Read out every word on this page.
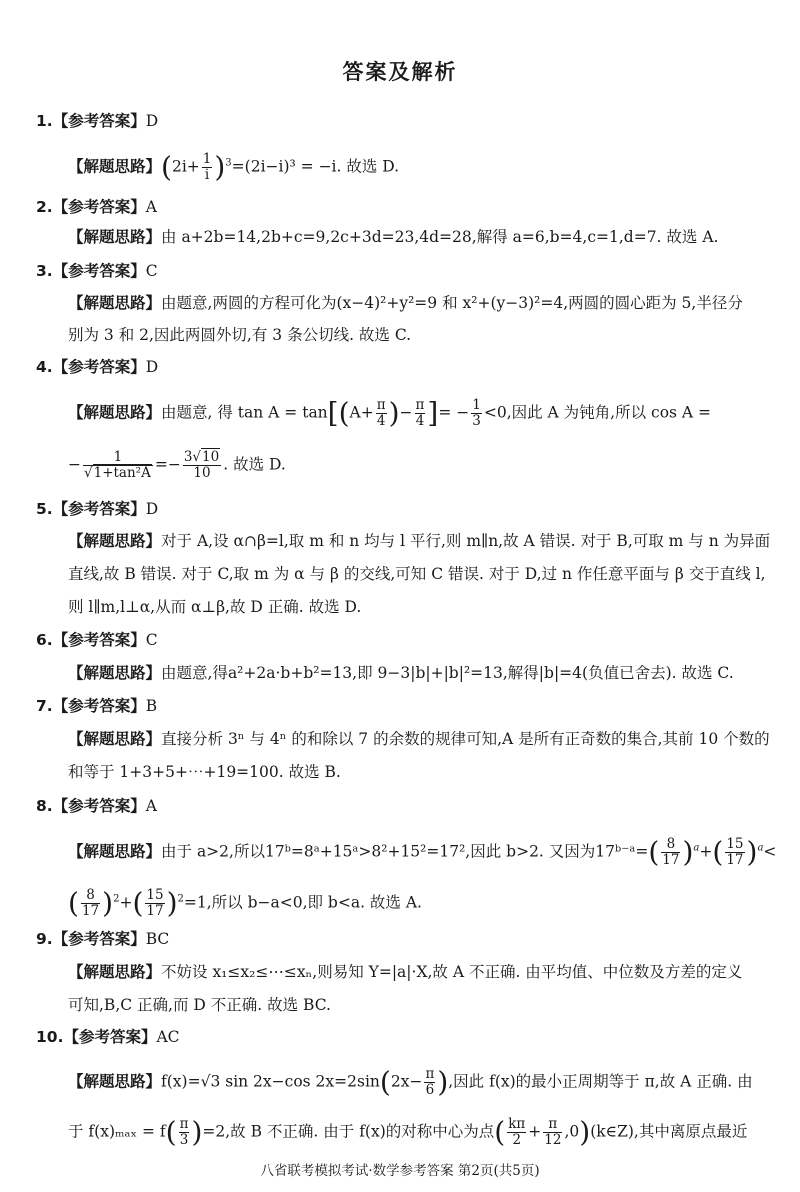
答案及解析
1.【参考答案】D
【解题思路】$(2i+ \frac{1}{i} )^3=(2i-i)^3 = -i$. 故选 D.
2.【参考答案】A
【解题思路】由 a+2b=14,2b+c=9,2c+3d=23,4d=28,解得 a=6,b=4,c=1,d=7. 故选 A.
3.【参考答案】C
【解题思路】由题意,两圆的方程可化为(x−4)²+y²=9 和 x²+(y−3)²=4,两圆的圆心距为 5,半径分
别为 3 和 2,因此两圆外切,有 3 条公切线. 故选 C.
4.【参考答案】D
【解题思路】由题意, 得 $\tan A = \tan[(A+ \frac{\pi}{4}$ )− $\frac{\pi}{4}$ ]= − $\frac{1}{3} <0$,因此 A 为钝角,所以 cos A =
− $\frac{1}{\text{√1+tan²A}} =- \frac{3√10}{10}$ . 故选 D.
5.【参考答案】D
【解题思路】对于 A,设 α∩β=l,取 m 和 n 均与 l 平行,则 m∥n,故 A 错误. 对于 B,可取 m 与 n 为异面
直线,故 B 错误. 对于 C,取 m 为 α 与 β 的交线,可知 C 错误. 对于 D,过 n 作任意平面与 β 交于直线 l,
则 l∥m,l⊥α,从而 α⊥β,故 D 正确. 故选 D.
6.【参考答案】C
【解题思路】由题意,得a²+2a·b+b²=13,即 9−3|b|+|b|²=13,解得|b|=4(负值已舍去). 故选 C.
7.【参考答案】B
【解题思路】直接分析 3ⁿ 与 4ⁿ 的和除以 7 的余数的规律可知,A 是所有正奇数的集合,其前 10 个数的
和等于 1+3+5+⋯+19=100. 故选 B.
8.【参考答案】A
【解题思路】由于 a>2,所以17ᵇ=8ᵃ+15ᵃ>8²+15²=17²,因此 b>2. 又因为17ᵇ⁻ᵃ=( $\frac{8}{17} )^a+( \frac{15}{17} )^a<$
( $\frac{8}{17} )^2+( \frac{15}{17} )^2=1$,所以 b−a<0,即 b<a. 故选 A.
9.【参考答案】BC
【解题思路】不妨设 x₁≤x₂≤⋯≤xₙ,则易知 Y=|a|·X,故 A 不正确. 由平均值、中位数及方差的定义
可知,B,C 正确,而 D 不正确. 故选 BC.
10.【参考答案】AC
【解题思路】f(x)=√3 sin 2x−cos $2x=2\sin(2x- \frac{\pi}{6}$ ),因此 f(x)的最小正周期等于 π,故 A 正确. 由
于 $f(x)_{max} = f( \frac{\pi}{3} )=2$,故 B 不正确. 由于 f(x)的对称中心为点( $\frac{k\pi}{2} + \frac{\pi}{12}$ ,0)(k∈Z),其中离原点最近
八省联考模拟考试·数学参考答案 第2页(共5页)
